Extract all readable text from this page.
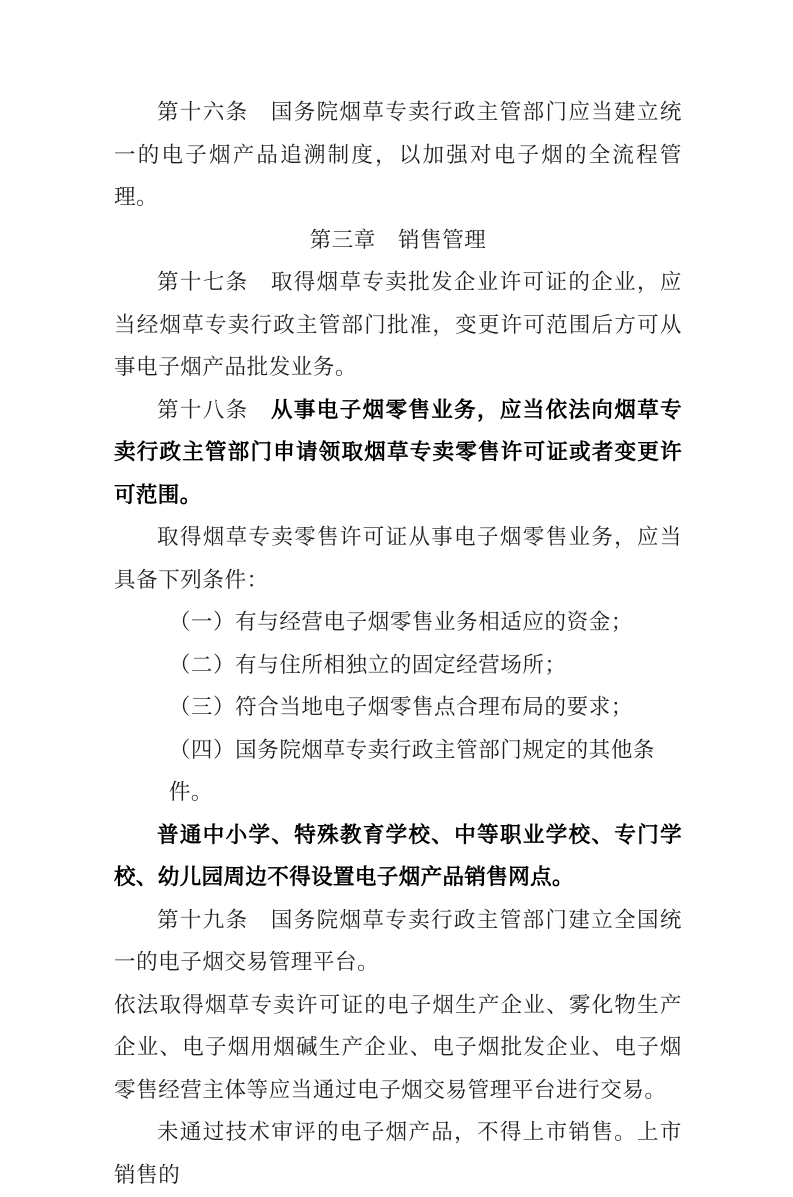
第十六条 国务院烟草专卖行政主管部门应当建立统一的电子烟产品追溯制度，以加强对电子烟的全流程管理。

第三章　销售管理

第十七条 取得烟草专卖批发企业许可证的企业，应当经烟草专卖行政主管部门批准，变更许可范围后方可从事电子烟产品批发业务。

第十八条 从事电子烟零售业务，应当依法向烟草专卖行政主管部门申请领取烟草专卖零售许可证或者变更许可范围。

取得烟草专卖零售许可证从事电子烟零售业务，应当具备下列条件：

（一）有与经营电子烟零售业务相适应的资金；
（二）有与住所相独立的固定经营场所；
（三）符合当地电子烟零售点合理布局的要求；
（四）国务院烟草专卖行政主管部门规定的其他条件。

普通中小学、特殊教育学校、中等职业学校、专门学校、幼儿园周边不得设置电子烟产品销售网点。

第十九条 国务院烟草专卖行政主管部门建立全国统一的电子烟交易管理平台。

依法取得烟草专卖许可证的电子烟生产企业、雾化物生产企业、电子烟用烟碱生产企业、电子烟批发企业、电子烟零售经营主体等应当通过电子烟交易管理平台进行交易。

未通过技术审评的电子烟产品，不得上市销售。上市销售的
